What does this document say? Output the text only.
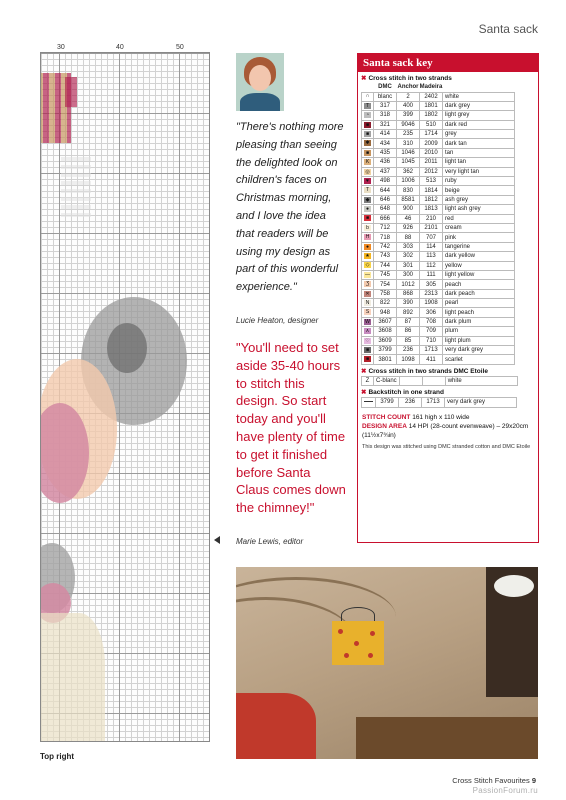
Santa sack
30	40	50
Top right
"There's nothing more pleasing than seeing the delighted look on children's faces on Christmas morning, and I love the idea that readers will be using my design as part of this wonderful experience."
Lucie Heaton, designer
"You'll need to set aside 35-40 hours to stitch this design. So start today and you'll have plenty of time to get it finished before Santa Claus comes down the chimney!"
Marie Lewis, editor
Santa sack key
✖ Cross stitch in two strands
	DMC	Anchor	Madeira	
∩	blanc	2	2402	white
T	317	400	1801	dark grey
◔	318	399	1802	light grey
■	321	9046	510	dark red
■	414	235	1714	grey
✱	434	310	2009	dark tan
■	435	1046	2010	tan
K	436	1045	2011	light tan
◎	437	362	2012	very light tan
♥	498	1006	513	ruby
T	644	830	1814	beige
◆	646	8581	1812	ash grey
●	648	900	1813	light ash grey
■	666	46	210	red
b	712	926	2101	cream
H	718	88	707	pink
●	742	303	114	tangerine
★	743	302	113	dark yellow
◇	744	301	112	yellow
—	745	300	111	light yellow
Ʒ	754	1012	305	peach
✕	758	868	2313	dark peach
N	822	390	1908	pearl
S	948	892	306	light peach
W	3607	87	708	dark plum
∧	3608	86	709	plum
♡	3609	85	710	light plum
■	3799	236	1713	very dark grey
■	3801	1098	411	scarlet
✖ Cross stitch in two strands DMC Etoile
Z	C-blanc			white
✖ Backstitch in one strand
	3799	236	1713	very dark grey
STITCH COUNT 161 high x 110 wide
DESIGN AREA 14 HPI (28-count evenweave) – 29x20cm (11½x7¾in)
This design was stitched using DMC stranded cotton and DMC Etoile
Cross Stitch Favourites 9
PassionForum.ru
